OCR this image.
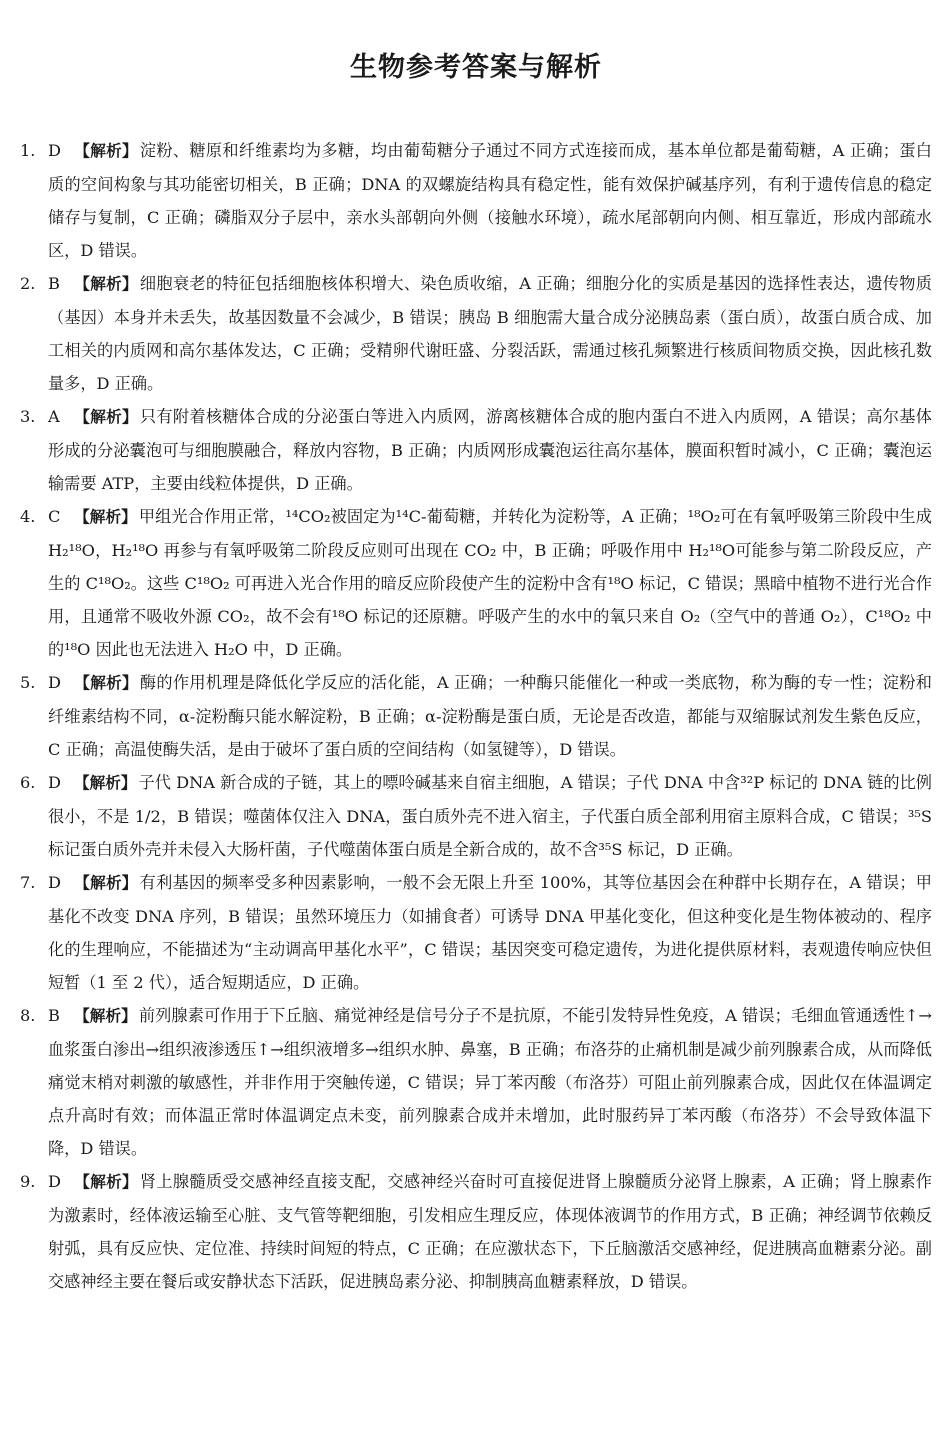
生物参考答案与解析
1. D 【解析】 淀粉、糖原和纤维素均为多糖，均由葡萄糖分子通过不同方式连接而成，基本单位都是葡萄糖，A 正确；蛋白质的空间构象与其功能密切相关，B 正确；DNA 的双螺旋结构具有稳定性，能有效保护碱基序列，有利于遗传信息的稳定储存与复制，C 正确；磷脂双分子层中，亲水头部朝向外侧（接触水环境），疏水尾部朝向内侧、相互靠近，形成内部疏水区，D 错误。
2. B 【解析】 细胞衰老的特征包括细胞核体积增大、染色质收缩，A 正确；细胞分化的实质是基因的选择性表达，遗传物质（基因）本身并未丢失，故基因数量不会减少，B 错误；胰岛 B 细胞需大量合成分泌胰岛素（蛋白质），故蛋白质合成、加工相关的内质网和高尔基体发达，C 正确；受精卵代谢旺盛、分裂活跃，需通过核孔频繁进行核质间物质交换，因此核孔数量多，D 正确。
3. A 【解析】 只有附着核糖体合成的分泌蛋白等进入内质网，游离核糖体合成的胞内蛋白不进入内质网，A 错误；高尔基体形成的分泌囊泡可与细胞膜融合，释放内容物，B 正确；内质网形成囊泡运往高尔基体，膜面积暂时减小，C 正确；囊泡运输需要 ATP，主要由线粒体提供，D 正确。
4. C 【解析】 甲组光合作用正常，¹⁴CO₂被固定为¹⁴C-葡萄糖，并转化为淀粉等，A 正确；¹⁸O₂可在有氧呼吸第三阶段中生成 H₂¹⁸O，H₂¹⁸O 再参与有氧呼吸第二阶段反应则可出现在 CO₂ 中，B 正确；呼吸作用中 H₂¹⁸O可能参与第二阶段反应，产生的 C¹⁸O₂。这些 C¹⁸O₂ 可再进入光合作用的暗反应阶段使产生的淀粉中含有¹⁸O 标记，C 错误；黑暗中植物不进行光合作用，且通常不吸收外源 CO₂，故不会有¹⁸O 标记的还原糖。呼吸产生的水中的氧只来自 O₂（空气中的普通 O₂），C¹⁸O₂ 中的¹⁸O 因此也无法进入 H₂O 中，D 正确。
5. D 【解析】 酶的作用机理是降低化学反应的活化能，A 正确；一种酶只能催化一种或一类底物，称为酶的专一性；淀粉和纤维素结构不同，α-淀粉酶只能水解淀粉，B 正确；α-淀粉酶是蛋白质，无论是否改造，都能与双缩脲试剂发生紫色反应，C 正确；高温使酶失活，是由于破坏了蛋白质的空间结构（如氢键等），D 错误。
6. D 【解析】 子代 DNA 新合成的子链，其上的嘌呤碱基来自宿主细胞，A 错误；子代 DNA 中含³²P 标记的 DNA 链的比例很小，不是 1/2，B 错误；噬菌体仅注入 DNA，蛋白质外壳不进入宿主，子代蛋白质全部利用宿主原料合成，C 错误；³⁵S 标记蛋白质外壳并未侵入大肠杆菌，子代噬菌体蛋白质是全新合成的，故不含³⁵S 标记，D 正确。
7. D 【解析】 有利基因的频率受多种因素影响，一般不会无限上升至 100%，其等位基因会在种群中长期存在，A 错误；甲基化不改变 DNA 序列，B 错误；虽然环境压力（如捕食者）可诱导 DNA 甲基化变化，但这种变化是生物体被动的、程序化的生理响应，不能描述为“主动调高甲基化水平”，C 错误；基因突变可稳定遗传，为进化提供原材料，表观遗传响应快但短暂（1 至 2 代），适合短期适应，D 正确。
8. B 【解析】 前列腺素可作用于下丘脑、痛觉神经是信号分子不是抗原，不能引发特异性免疫，A 错误；毛细血管通透性↑→血浆蛋白渗出→组织液渗透压↑→组织液增多→组织水肿、鼻塞，B 正确；布洛芬的止痛机制是减少前列腺素合成，从而降低痛觉末梢对刺激的敏感性，并非作用于突触传递，C 错误；异丁苯丙酸（布洛芬）可阻止前列腺素合成，因此仅在体温调定点升高时有效；而体温正常时体温调定点未变，前列腺素合成并未增加，此时服药异丁苯丙酸（布洛芬）不会导致体温下降，D 错误。
9. D 【解析】 肾上腺髓质受交感神经直接支配，交感神经兴奋时可直接促进肾上腺髓质分泌肾上腺素，A 正确；肾上腺素作为激素时，经体液运输至心脏、支气管等靶细胞，引发相应生理反应，体现体液调节的作用方式，B 正确；神经调节依赖反射弧，具有反应快、定位准、持续时间短的特点，C 正确；在应激状态下，下丘脑激活交感神经，促进胰高血糖素分泌。副交感神经主要在餐后或安静状态下活跃，促进胰岛素分泌、抑制胰高血糖素释放，D 错误。
